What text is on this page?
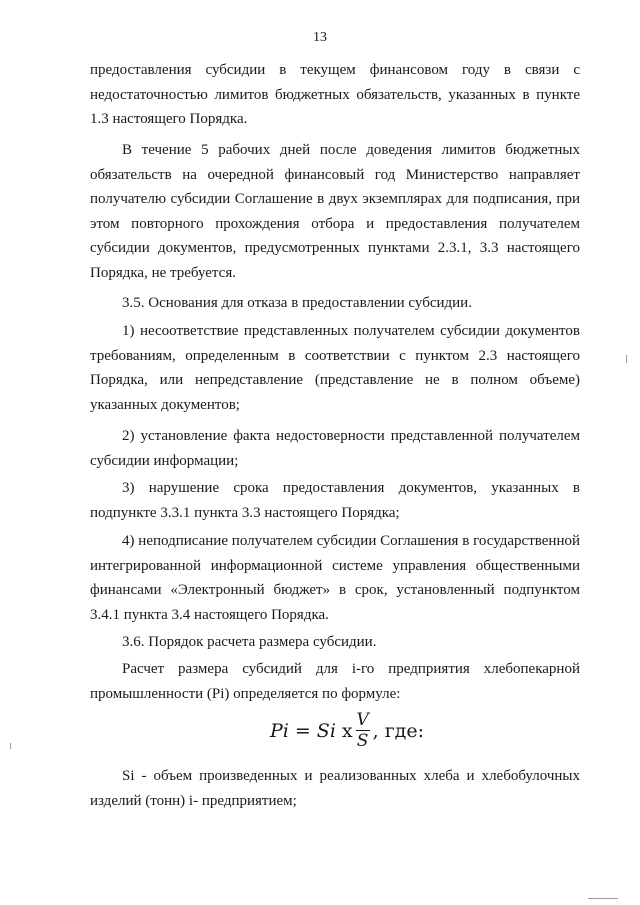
13

предоставления субсидии в текущем финансовом году в связи с недостаточностью лимитов бюджетных обязательств, указанных в пункте 1.3 настоящего Порядка.

В течение 5 рабочих дней после доведения лимитов бюджетных обязательств на очередной финансовый год Министерство направляет получателю субсидии Соглашение в двух экземплярах для подписания, при этом повторного прохождения отбора и предоставления получателем субсидии документов, предусмотренных пунктами 2.3.1, 3.3 настоящего Порядка, не требуется.

3.5. Основания для отказа в предоставлении субсидии.

1) несоответствие представленных получателем субсидии документов требованиям, определенным в соответствии с пунктом 2.3 настоящего Порядка, или непредставление (представление не в полном объеме) указанных документов;

2) установление факта недостоверности представленной получателем субсидии информации;

3) нарушение срока предоставления документов, указанных в подпункте 3.3.1 пункта 3.3 настоящего Порядка;

4) неподписание получателем субсидии Соглашения в государственной интегрированной информационной системе управления общественными финансами «Электронный бюджет» в срок, установленный подпунктом 3.4.1 пункта 3.4 настоящего Порядка.

3.6. Порядок расчета размера субсидии.

Расчет размера субсидий для i-го предприятия хлебопекарной промышленности (Pi) определяется по формуле:

Pi = Si x $\frac{V}{S}$ , где:

Si - объем произведенных и реализованных хлеба и хлебобулочных изделий (тонн) i- предприятием;
